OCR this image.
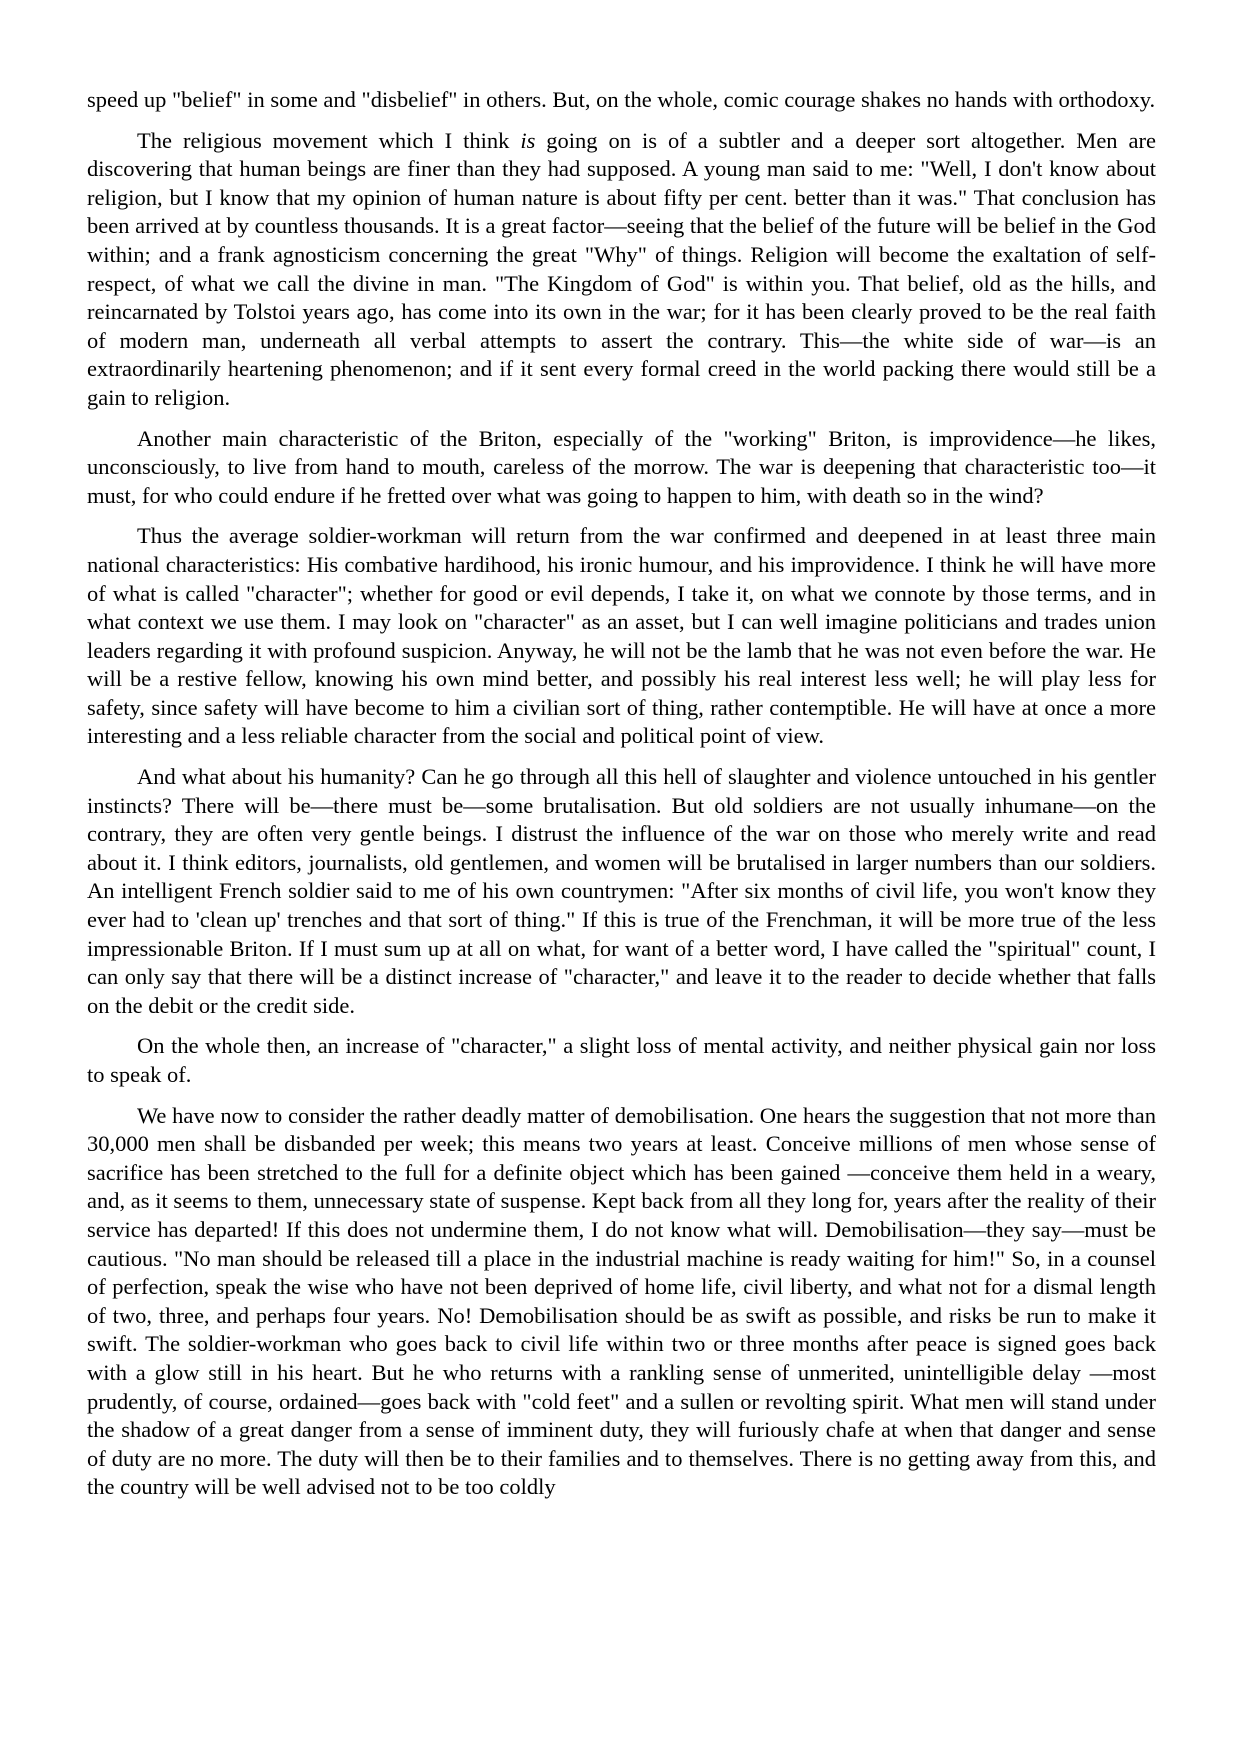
speed up "belief" in some and "disbelief" in others. But, on the whole, comic courage shakes no hands with orthodoxy.

The religious movement which I think is going on is of a subtler and a deeper sort altogether. Men are discovering that human beings are finer than they had supposed. A young man said to me: "Well, I don't know about religion, but I know that my opinion of human nature is about fifty per cent. better than it was." That conclusion has been arrived at by countless thousands. It is a great factor—seeing that the belief of the future will be belief in the God within; and a frank agnosticism concerning the great "Why" of things. Religion will become the exaltation of self-respect, of what we call the divine in man. "The Kingdom of God" is within you. That belief, old as the hills, and reincarnated by Tolstoi years ago, has come into its own in the war; for it has been clearly proved to be the real faith of modern man, underneath all verbal attempts to assert the contrary. This—the white side of war—is an extraordinarily heartening phenomenon; and if it sent every formal creed in the world packing there would still be a gain to religion.

Another main characteristic of the Briton, especially of the "working" Briton, is improvidence—he likes, unconsciously, to live from hand to mouth, careless of the morrow. The war is deepening that characteristic too—it must, for who could endure if he fretted over what was going to happen to him, with death so in the wind?

Thus the average soldier-workman will return from the war confirmed and deepened in at least three main national characteristics: His combative hardihood, his ironic humour, and his improvidence. I think he will have more of what is called "character"; whether for good or evil depends, I take it, on what we connote by those terms, and in what context we use them. I may look on "character" as an asset, but I can well imagine politicians and trades union leaders regarding it with profound suspicion. Anyway, he will not be the lamb that he was not even before the war. He will be a restive fellow, knowing his own mind better, and possibly his real interest less well; he will play less for safety, since safety will have become to him a civilian sort of thing, rather contemptible. He will have at once a more interesting and a less reliable character from the social and political point of view.

And what about his humanity? Can he go through all this hell of slaughter and violence untouched in his gentler instincts? There will be—there must be—some brutalisation. But old soldiers are not usually inhumane—on the contrary, they are often very gentle beings. I distrust the influence of the war on those who merely write and read about it. I think editors, journalists, old gentlemen, and women will be brutalised in larger numbers than our soldiers. An intelligent French soldier said to me of his own countrymen: "After six months of civil life, you won't know they ever had to 'clean up' trenches and that sort of thing." If this is true of the Frenchman, it will be more true of the less impressionable Briton. If I must sum up at all on what, for want of a better word, I have called the "spiritual" count, I can only say that there will be a distinct increase of "character," and leave it to the reader to decide whether that falls on the debit or the credit side.

On the whole then, an increase of "character," a slight loss of mental activity, and neither physical gain nor loss to speak of.

We have now to consider the rather deadly matter of demobilisation. One hears the suggestion that not more than 30,000 men shall be disbanded per week; this means two years at least. Conceive millions of men whose sense of sacrifice has been stretched to the full for a definite object which has been gained —conceive them held in a weary, and, as it seems to them, unnecessary state of suspense. Kept back from all they long for, years after the reality of their service has departed! If this does not undermine them, I do not know what will. Demobilisation—they say—must be cautious. "No man should be released till a place in the industrial machine is ready waiting for him!" So, in a counsel of perfection, speak the wise who have not been deprived of home life, civil liberty, and what not for a dismal length of two, three, and perhaps four years. No! Demobilisation should be as swift as possible, and risks be run to make it swift. The soldier-workman who goes back to civil life within two or three months after peace is signed goes back with a glow still in his heart. But he who returns with a rankling sense of unmerited, unintelligible delay —most prudently, of course, ordained—goes back with "cold feet" and a sullen or revolting spirit. What men will stand under the shadow of a great danger from a sense of imminent duty, they will furiously chafe at when that danger and sense of duty are no more. The duty will then be to their families and to themselves. There is no getting away from this, and the country will be well advised not to be too coldly
